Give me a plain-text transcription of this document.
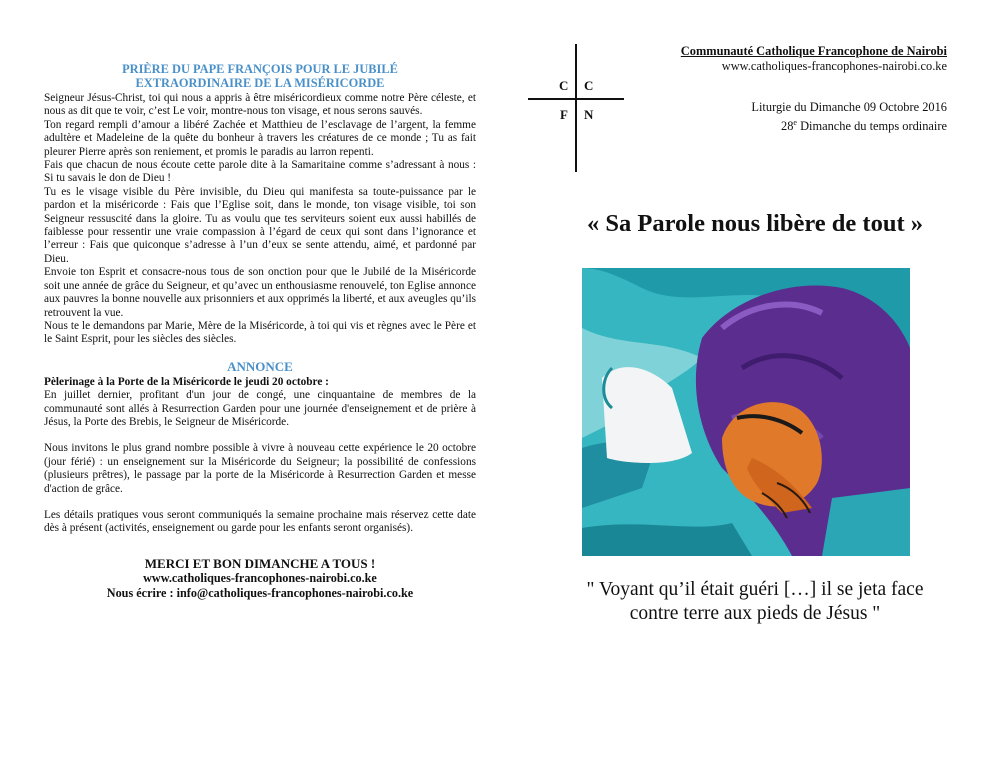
PRIÈRE DU PAPE FRANÇOIS POUR LE JUBILÉ
EXTRAORDINAIRE DE LA MISÉRICORDE

Seigneur Jésus-Christ, toi qui nous a appris à être miséricordieux comme notre Père céleste, et nous as dit que te voir, c’est Le voir, montre-nous ton visage, et nous serons sauvés.

Ton regard rempli d’amour a libéré Zachée et Matthieu de l’esclavage de l’argent, la femme adultère et Madeleine de la quête du bonheur à travers les créatures de ce monde ; Tu as fait pleurer Pierre après son reniement, et promis le paradis au larron repenti.

Fais que chacun de nous écoute cette parole dite à la Samaritaine comme s’adressant à nous : Si tu savais le don de Dieu !

Tu es le visage visible du Père invisible, du Dieu qui manifesta sa toute-puissance par le pardon et la miséricorde : Fais que l’Eglise soit, dans le monde, ton visage visible, toi son Seigneur ressuscité dans la gloire. Tu as voulu que tes serviteurs soient eux aussi habillés de faiblesse pour ressentir une vraie compassion à l’égard de ceux qui sont dans l’ignorance et l’erreur : Fais que quiconque s’adresse à l’un d’eux se sente attendu, aimé, et pardonné par Dieu.

Envoie ton Esprit et consacre-nous tous de son onction pour que le Jubilé de la Miséricorde soit une année de grâce du Seigneur, et qu’avec un enthousiasme renouvelé, ton Eglise annonce aux pauvres la bonne nouvelle aux prisonniers et aux opprimés la liberté, et aux aveugles qu’ils retrouvent la vue.

Nous te le demandons par Marie, Mère de la Miséricorde, à toi qui vis et règnes avec le Père et le Saint Esprit, pour les siècles des siècles.

ANNONCE

Pèlerinage à la Porte de la Miséricorde le jeudi 20 octobre :

En juillet dernier, profitant d'un jour de congé, une cinquantaine de membres de la communauté sont allés à Resurrection Garden pour une journée d'enseignement et de prière à Jésus, la Porte des Brebis, le Seigneur de Miséricorde.

Nous invitons le plus grand nombre possible à vivre à nouveau cette expérience le 20 octobre (jour férié) : un enseignement sur la Miséricorde du Seigneur; la possibilité de confessions (plusieurs prêtres), le passage par la porte de la Miséricorde à Resurrection Garden et messe d'action de grâce.

Les détails pratiques vous seront communiqués la semaine prochaine mais réservez cette date dès à présent (activités, enseignement ou garde pour les enfants seront organisés).

MERCI ET BON DIMANCHE A TOUS !
www.catholiques-francophones-nairobi.co.ke
Nous écrire : info@catholiques-francophones-nairobi.co.ke
C C
F N
Communauté Catholique Francophone de Nairobi
www.catholiques-francophones-nairobi.co.ke
Liturgie du Dimanche 09 Octobre 2016
28e Dimanche du temps ordinaire
« Sa Parole nous libère de tout »
" Voyant qu’il était guéri […] il se jeta face
contre terre aux pieds de Jésus "
